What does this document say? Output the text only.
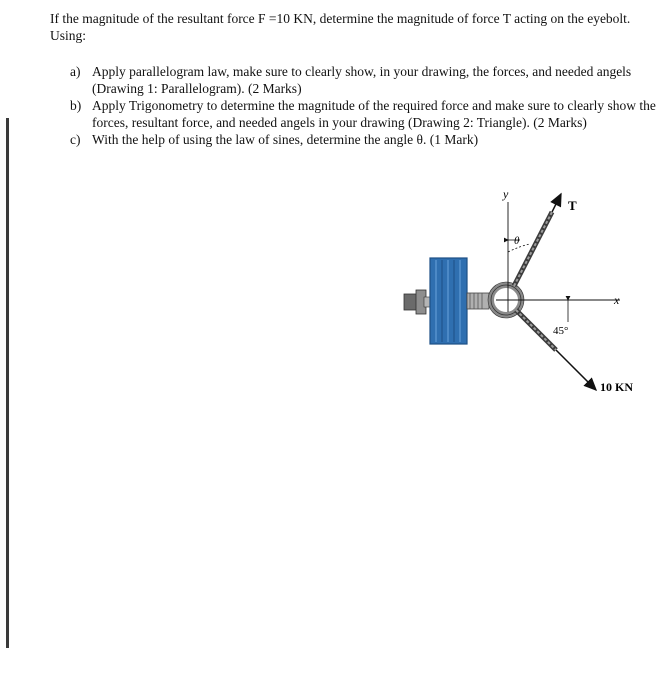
If the magnitude of the resultant force F =10 KN, determine the magnitude of force T acting on the eyebolt. Using:
a) Apply parallelogram law, make sure to clearly show, in your drawing, the forces, and needed angels (Drawing 1: Parallelogram). (2 Marks)
b) Apply Trigonometry to determine the magnitude of the required force and make sure to clearly show the forces, resultant force, and needed angels in your drawing (Drawing 2: Triangle). (2 Marks)
c) With the help of using the law of sines, determine the angle θ. (1 Mark)
y
x
T
θ
45°
10 KN
